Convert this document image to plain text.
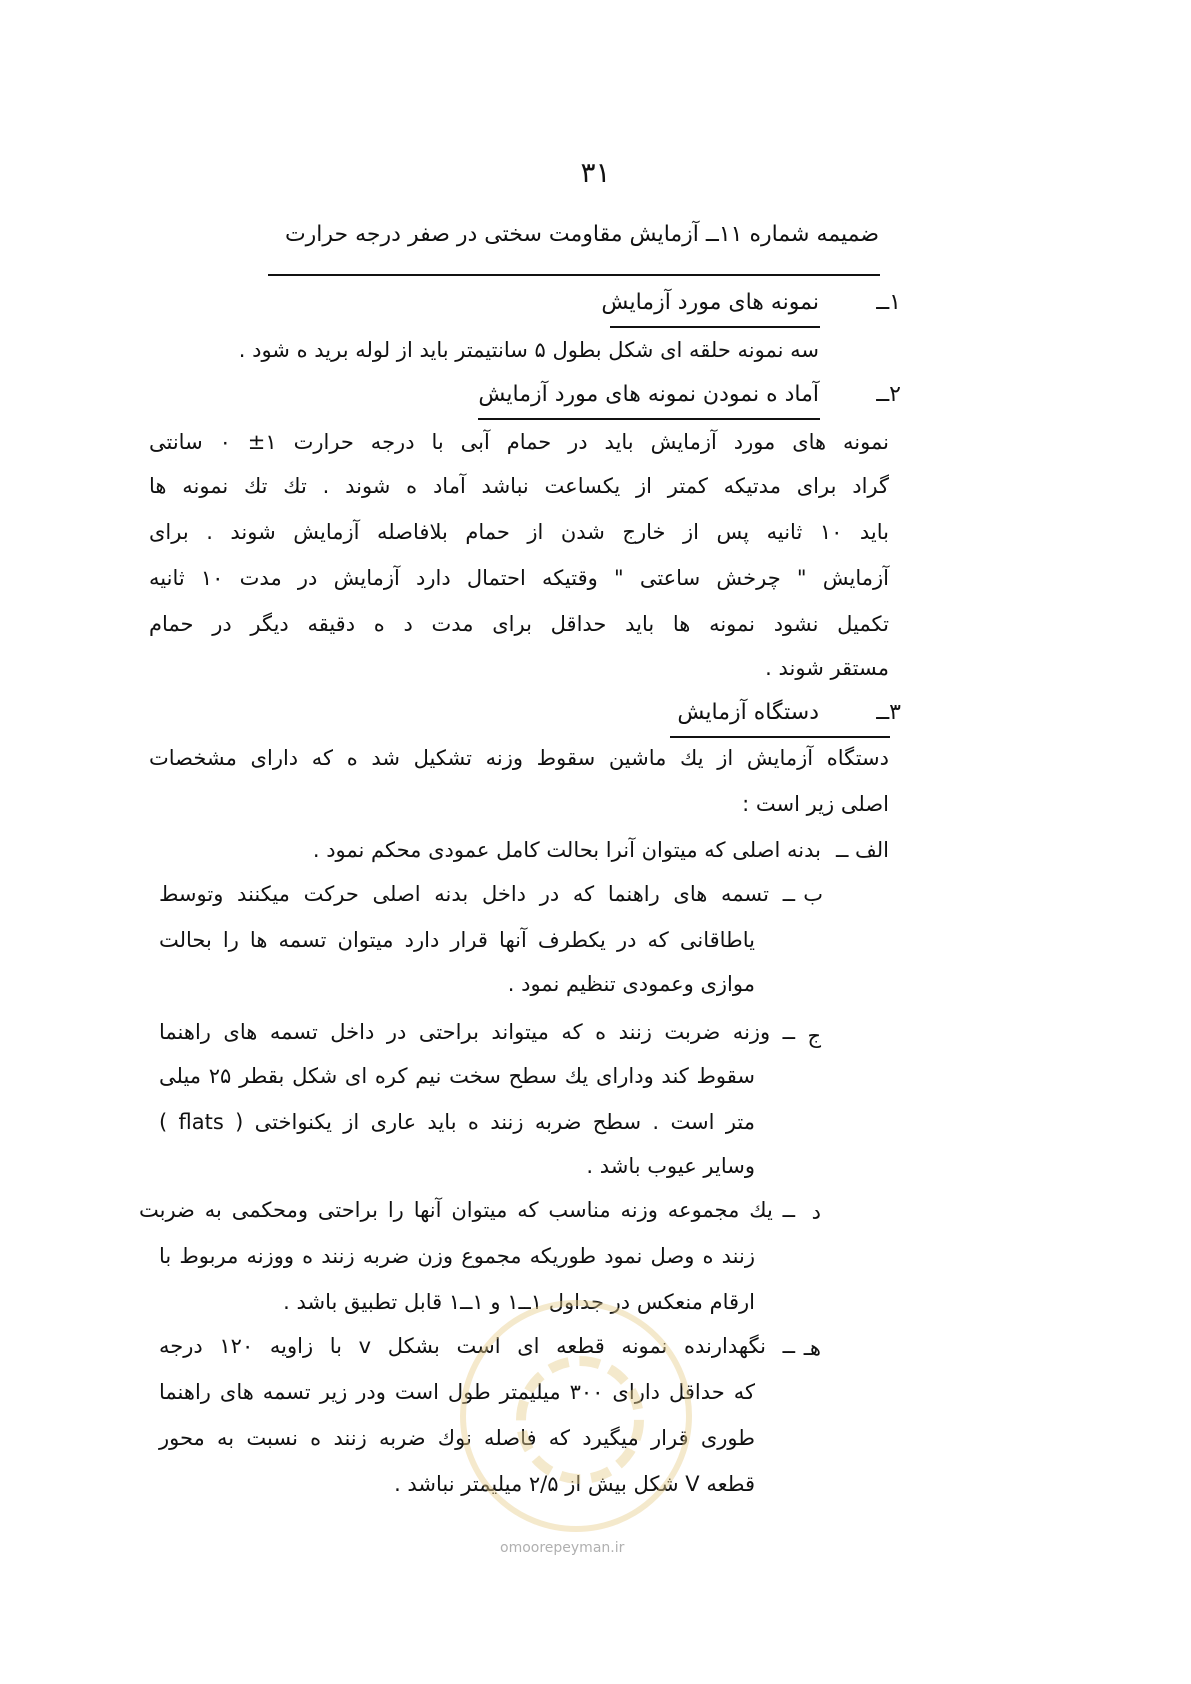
۳۱
ضمیمه شماره ۱۱ــ آزمایش مقاومت سختی در صفر درجه حرارت
۱ــ
نمونه های مورد آزمایش
سه نمونه حلقه ای شکل بطول ۵ سانتیمتر باید از لوله برید ه شود .
۲ــ
آماد ه نمودن نمونه های مورد آزمایش
نمونه های مورد آزمایش باید در حمام آبی با درجه حرارت ۱± ۰ سانتی
گراد برای مدتیکه کمتر از یکساعت نباشد آماد ه شوند . تك تك نمونه ها
باید ۱۰ ثانیه پس از خارج شدن از حمام بلافاصله آزمایش شوند . برای
آزمایش " چرخش ساعتی " وقتیکه احتمال دارد آزمایش در مدت ۱۰ ثانیه
تکمیل نشود نمونه ها باید حداقل برای مدت د ه دقیقه دیگر در حمام
مستقر شوند .
۳ــ
دستگاه آزمایش
دستگاه آزمایش از یك ماشین سقوط وزنه تشکیل شد ه که دارای مشخصات
اصلی زیر است :
الف ــ
بدنه اصلی که میتوان آنرا بحالت کامل عمودی محکم نمود .
ب
ــ تسمه های راهنما که در داخل بدنه اصلی حرکت میکنند وتوسط
یاطاقانی که در یکطرف آنها قرار دارد میتوان تسمه ها را بحالت
موازی وعمودی تنظیم نمود .
ج
ــ وزنه ضربت زنند ه که میتواند براحتی در داخل تسمه های راهنما
سقوط کند ودارای یك سطح سخت نیم کره ای شکل بقطر ۲۵ میلی
متر است . سطح ضربه زنند ه باید عاری از یکنواختی ( flats )
وسایر عیوب باشد .
د
ــ یك مجموعه وزنه مناسب که میتوان آنها را براحتی ومحکمی به ضربت
زنند ه وصل نمود طوریکه مجموع وزن ضربه زنند ه ووزنه مربوط با
ارقام منعکس در جداول ۱ــ۱ و ۱ــ۱ قابل تطبیق باشد .
هـ
ــ نگهدارنده نمونه قطعه ای است بشکل v با زاویه ۱۲۰ درجه
که حداقل دارای ۳۰۰ میلیمتر طول است ودر زیر تسمه های راهنما
طوری قرار میگیرد که فاصله نوك ضربه زنند ه نسبت به محور
قطعه V شکل بیش از ۲/۵ میلیمتر نباشد .
omoorepeyman.ir
